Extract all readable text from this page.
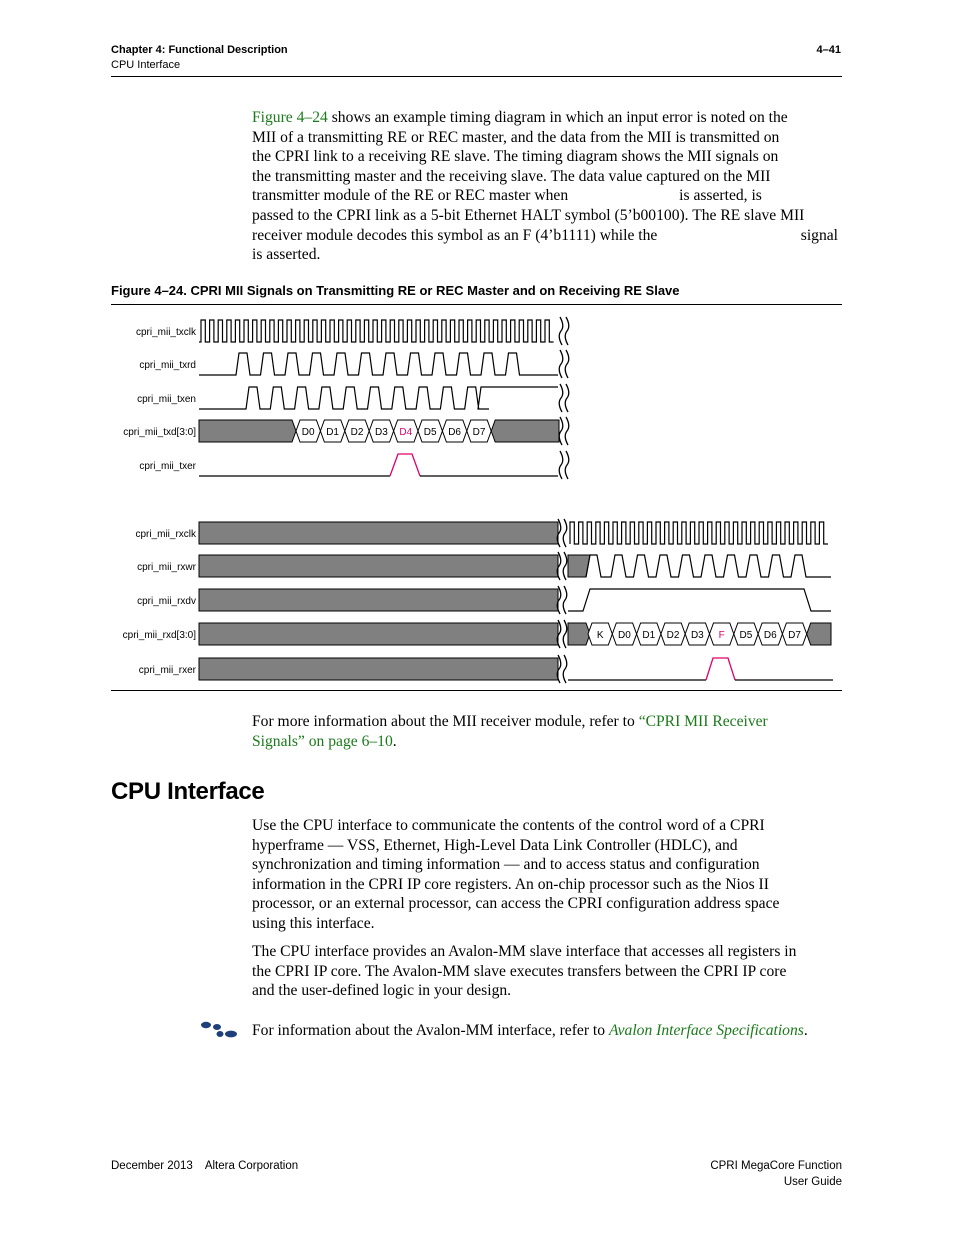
Chapter 4: Functional Description
CPU Interface
4–41
Figure 4–24 shows an example timing diagram in which an input error is noted on the
MII of a transmitting RE or REC master, and the data from the MII is transmitted on
the CPRI link to a receiving RE slave. The timing diagram shows the MII signals on
the transmitting master and the receiving slave. The data value captured on the MII
transmitter module of the RE or REC master when	is asserted, is
passed to the CPRI link as a 5-bit Ethernet HALT symbol (5’b00100). The RE slave MII
receiver module decodes this symbol as an F (4’b1111) while the	signal
is asserted.
Figure 4–24. CPRI MII Signals on Transmitting RE or REC Master and on Receiving RE Slave
cpri_mii_txclk
cpri_mii_txrd
cpri_mii_txen
cpri_mii_txd[3:0]
cpri_mii_txer
D0 D1 D2 D3 D4 D5 D6 D7
cpri_mii_rxclk
cpri_mii_rxwr
cpri_mii_rxdv
cpri_mii_rxd[3:0]
cpri_mii_rxer
K D0 D1 D2 D3 F D5 D6 D7
For more information about the MII receiver module, refer to “CPRI MII Receiver
Signals” on page 6–10.
CPU Interface
Use the CPU interface to communicate the contents of the control word of a CPRI
hyperframe — VSS, Ethernet, High-Level Data Link Controller (HDLC), and
synchronization and timing information — and to access status and configuration
information in the CPRI IP core registers. An on-chip processor such as the Nios II
processor, or an external processor, can access the CPRI configuration address space
using this interface.
The CPU interface provides an Avalon-MM slave interface that accesses all registers in
the CPRI IP core. The Avalon-MM slave executes transfers between the CPRI IP core
and the user-defined logic in your design.
For information about the Avalon-MM interface, refer to Avalon Interface Specifications.
December 2013 Altera Corporation	CPRI MegaCore Function
User Guide
